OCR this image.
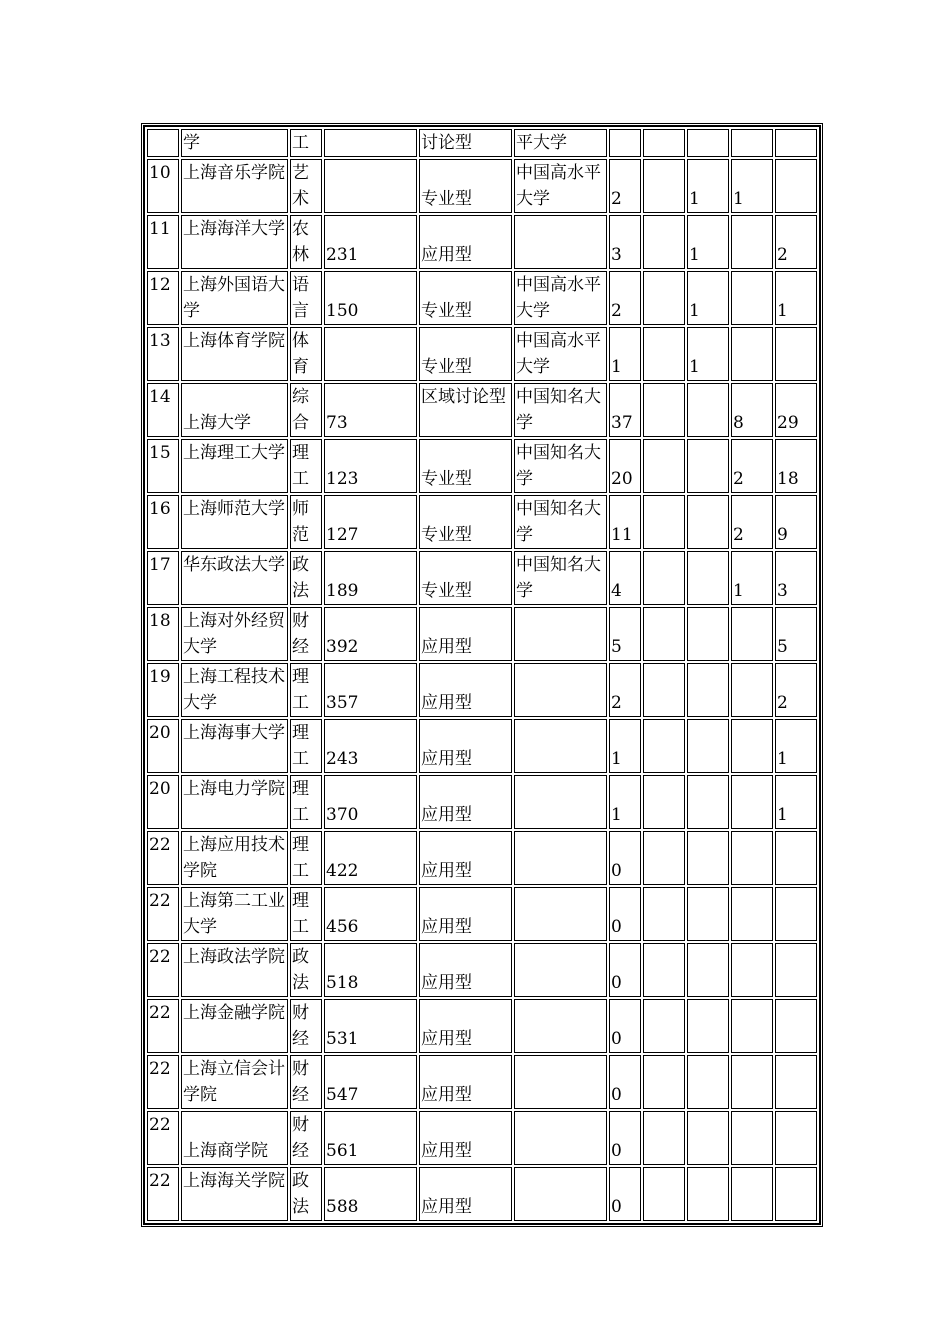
	学	工		讨论型	平大学					
10	上海音乐学院	艺术		专业型	中国高水平大学	2		1	1	
11	上海海洋大学	农林	231	应用型		3		1		2
12	上海外国语大学	语言	150	专业型	中国高水平大学	2		1		1
13	上海体育学院	体育		专业型	中国高水平大学	1		1		
14	上海大学	综合	73	区域讨论型	中国知名大学	37			8	29
15	上海理工大学	理工	123	专业型	中国知名大学	20			2	18
16	上海师范大学	师范	127	专业型	中国知名大学	11			2	9
17	华东政法大学	政法	189	专业型	中国知名大学	4			1	3
18	上海对外经贸大学	财经	392	应用型		5				5
19	上海工程技术大学	理工	357	应用型		2				2
20	上海海事大学	理工	243	应用型		1				1
20	上海电力学院	理工	370	应用型		1				1
22	上海应用技术学院	理工	422	应用型		0				
22	上海第二工业大学	理工	456	应用型		0				
22	上海政法学院	政法	518	应用型		0				
22	上海金融学院	财经	531	应用型		0				
22	上海立信会计学院	财经	547	应用型		0				
22	上海商学院	财经	561	应用型		0				
22	上海海关学院	政法	588	应用型		0				
